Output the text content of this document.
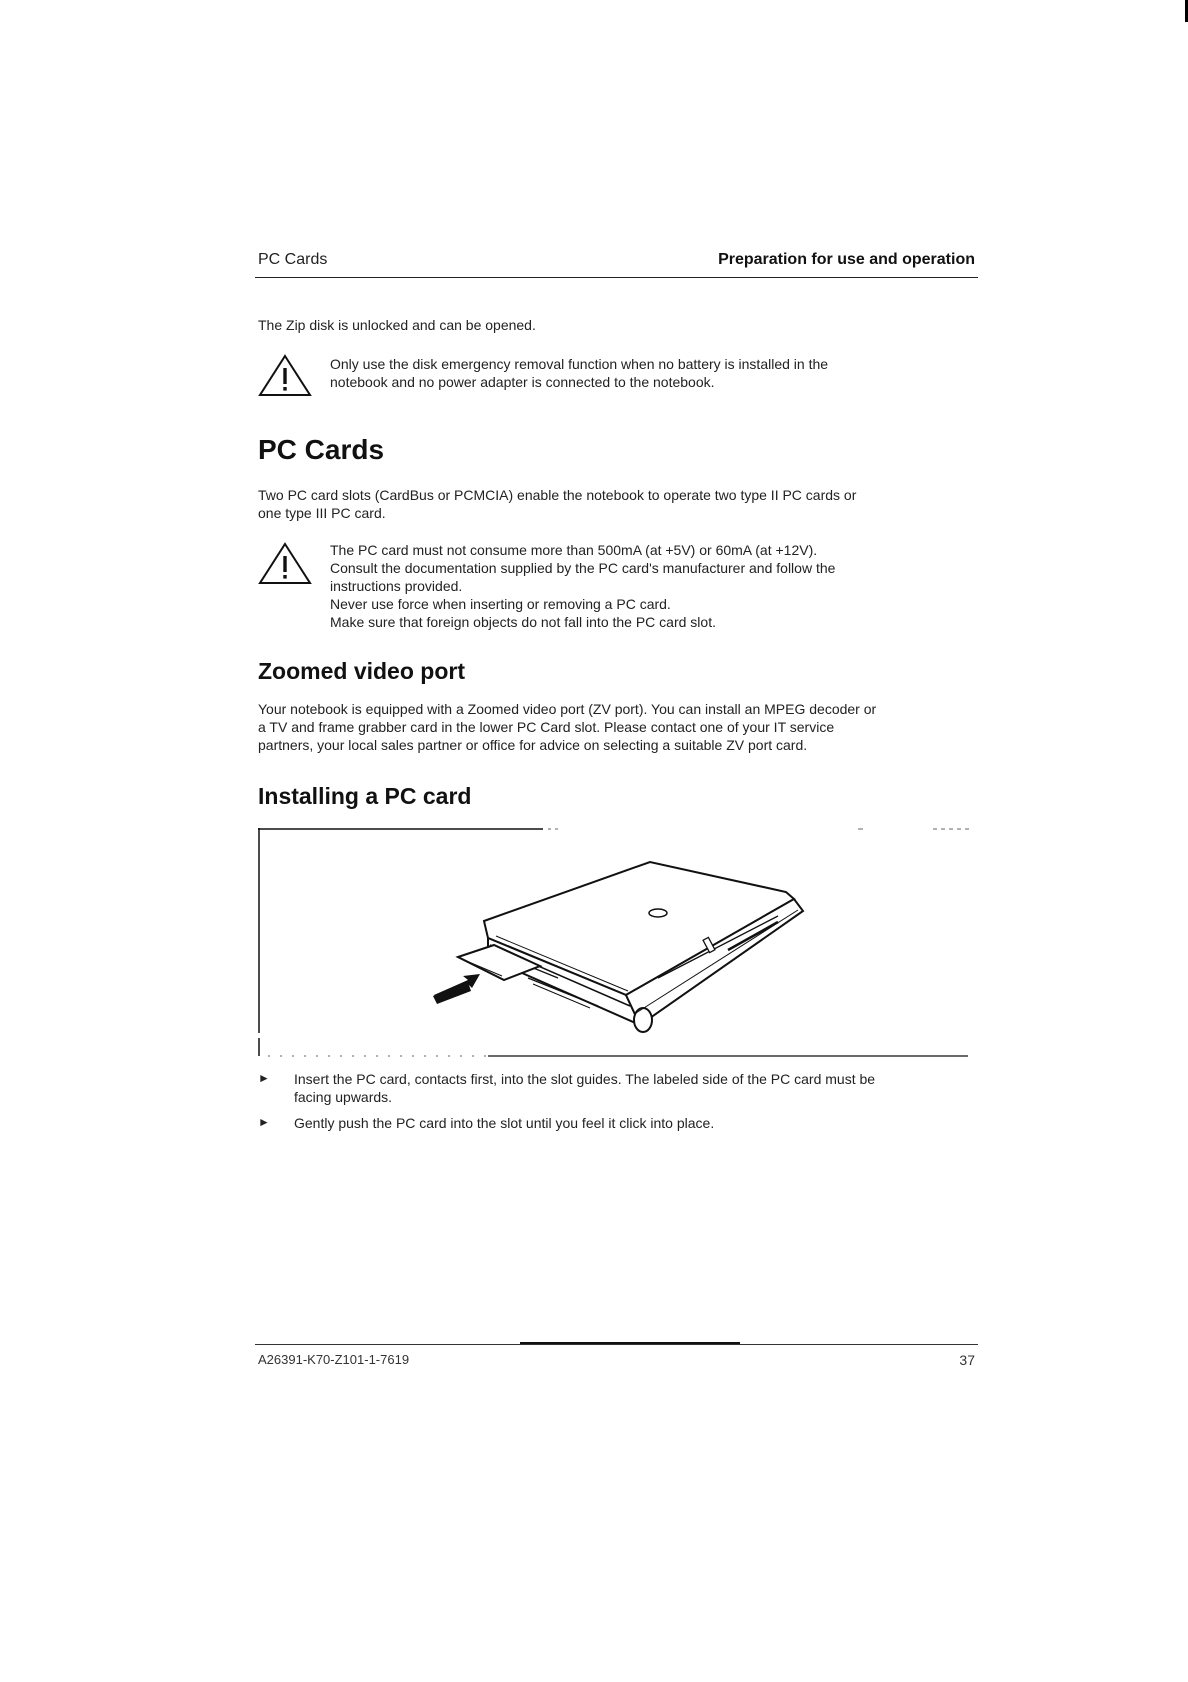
PC Cards	Preparation for use and operation
The Zip disk is unlocked and can be opened.
Only use the disk emergency removal function when no battery is installed in the
notebook and no power adapter is connected to the notebook.
PC Cards
Two PC card slots (CardBus or PCMCIA) enable the notebook to operate two type II PC cards or
one type III PC card.
The PC card must not consume more than 500mA (at +5V) or 60mA (at +12V).
Consult the documentation supplied by the PC card's manufacturer and follow the
instructions provided.
Never use force when inserting or removing a PC card.
Make sure that foreign objects do not fall into the PC card slot.
Zoomed video port
Your notebook is equipped with a Zoomed video port (ZV port). You can install an MPEG decoder or
a TV and frame grabber card in the lower PC Card slot. Please contact one of your IT service
partners, your local sales partner or office for advice on selecting a suitable ZV port card.
Installing a PC card
► Insert the PC card, contacts first, into the slot guides. The labeled side of the PC card must be
facing upwards.
► Gently push the PC card into the slot until you feel it click into place.
A26391-K70-Z101-1-7619	37
